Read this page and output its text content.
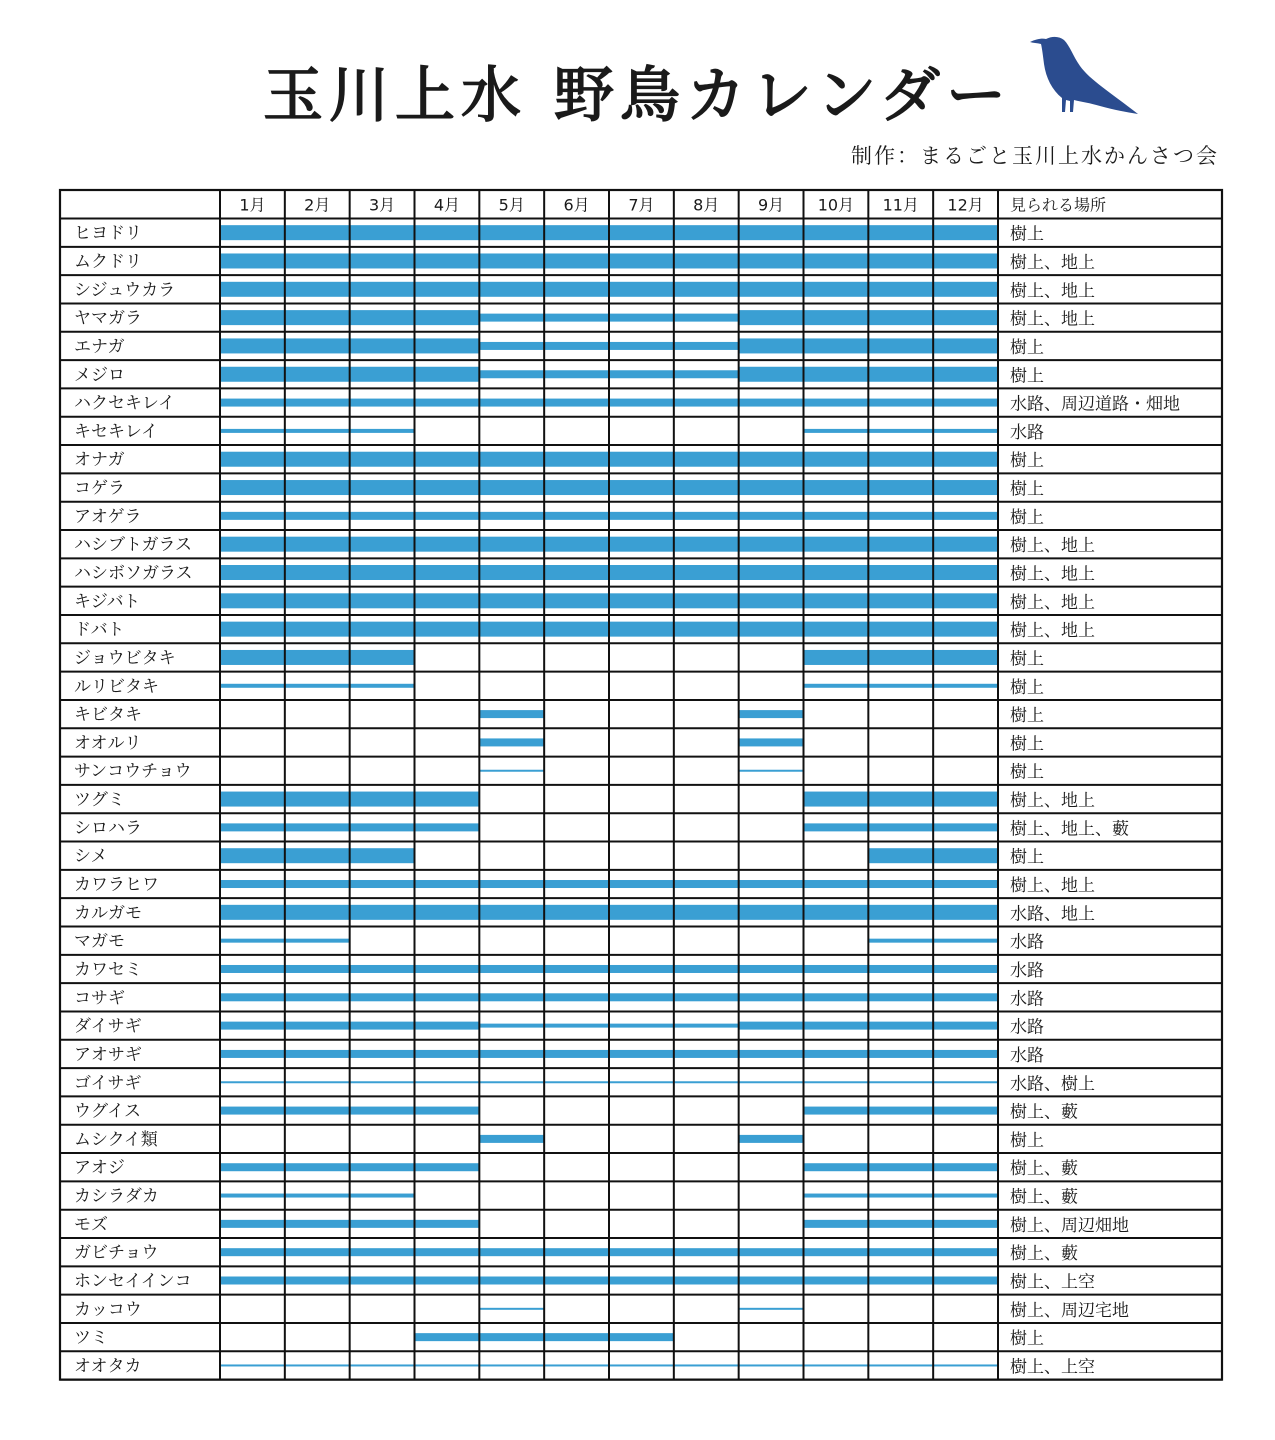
玉川上水 野鳥カレンダー
制作：まるごと玉川上水かんさつ会
1月 2月 3月 4月 5月 6月 7月 8月 9月 10月 11月 12月 見られる場所
ヒヨドリ	樹上
ムクドリ	樹上、地上
シジュウカラ	樹上、地上
ヤマガラ	樹上、地上
エナガ	樹上
メジロ	樹上
ハクセキレイ	水路、周辺道路・畑地
キセキレイ	水路
オナガ	樹上
コゲラ	樹上
アオゲラ	樹上
ハシブトガラス	樹上、地上
ハシボソガラス	樹上、地上
キジバト	樹上、地上
ドバト	樹上、地上
ジョウビタキ	樹上
ルリビタキ	樹上
キビタキ	樹上
オオルリ	樹上
サンコウチョウ	樹上
ツグミ	樹上、地上
シロハラ	樹上、地上、藪
シメ	樹上
カワラヒワ	樹上、地上
カルガモ	水路、地上
マガモ	水路
カワセミ	水路
コサギ	水路
ダイサギ	水路
アオサギ	水路
ゴイサギ	水路、樹上
ウグイス	樹上、藪
ムシクイ類	樹上
アオジ	樹上、藪
カシラダカ	樹上、藪
モズ	樹上、周辺畑地
ガビチョウ	樹上、藪
ホンセイインコ	樹上、上空
カッコウ	樹上、周辺宅地
ツミ	樹上
オオタカ	樹上、上空
